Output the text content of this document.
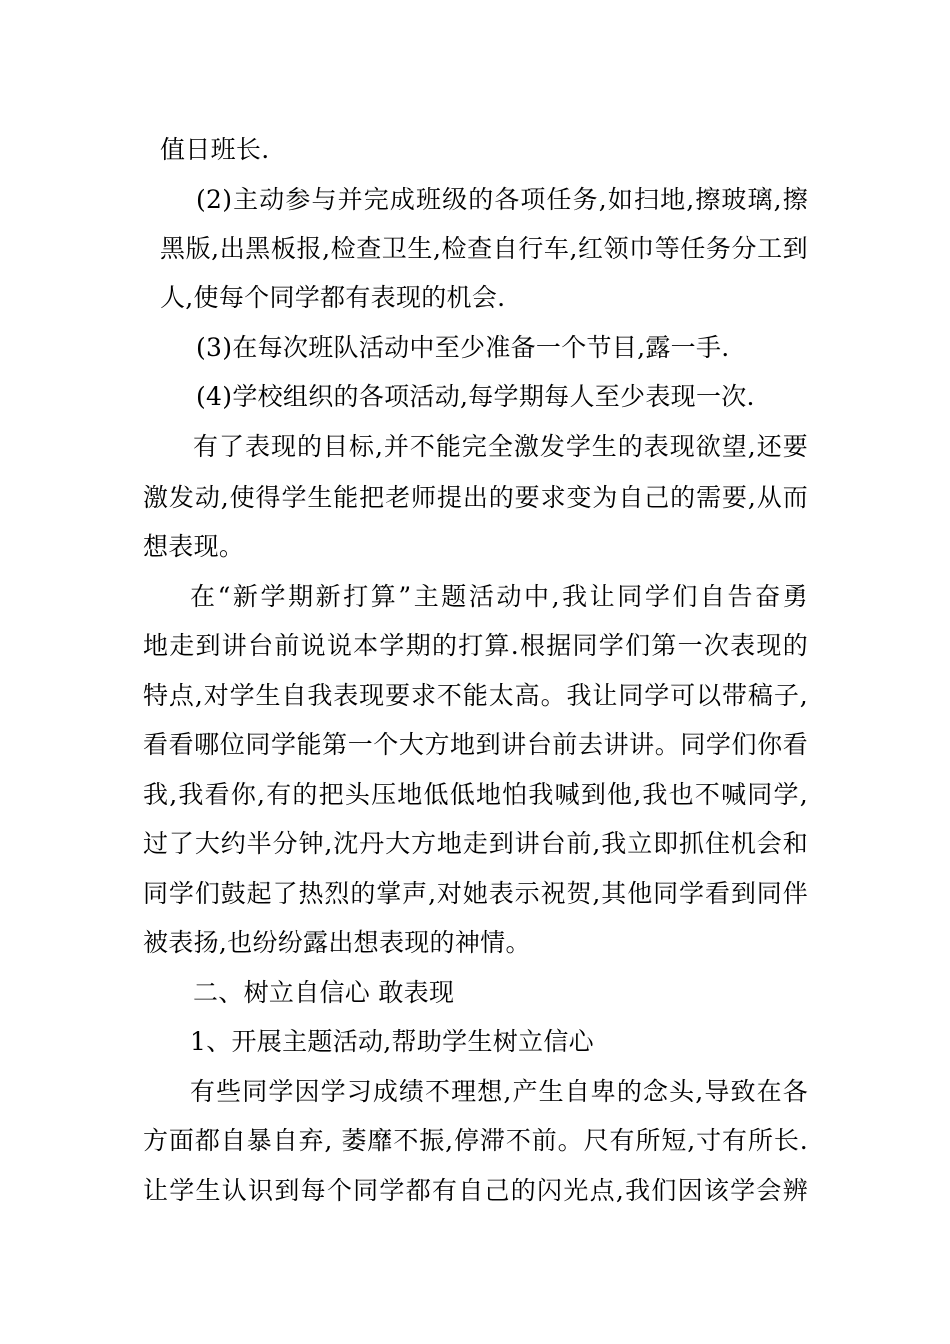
值日班长.
(2)主动参与并完成班级的各项任务,如扫地,擦玻璃,擦
黑版,出黑板报,检查卫生,检查自行车,红领巾等任务分工到
人,使每个同学都有表现的机会.
(3)在每次班队活动中至少准备一个节目,露一手.
(4)学校组织的各项活动,每学期每人至少表现一次.
有了表现的目标,并不能完全激发学生的表现欲望,还要
激发动,使得学生能把老师提出的要求变为自己的需要,从而
想表现。
在“新学期新打算”主题活动中,我让同学们自告奋勇
地走到讲台前说说本学期的打算.根据同学们第一次表现的
特点,对学生自我表现要求不能太高。我让同学可以带稿子,
看看哪位同学能第一个大方地到讲台前去讲讲。同学们你看
我,我看你,有的把头压地低低地怕我喊到他,我也不喊同学,
过了大约半分钟,沈丹大方地走到讲台前,我立即抓住机会和
同学们鼓起了热烈的掌声,对她表示祝贺,其他同学看到同伴
被表扬,也纷纷露出想表现的神情。
二、树立自信心 敢表现
1、开展主题活动,帮助学生树立信心
有些同学因学习成绩不理想,产生自卑的念头,导致在各
方面都自暴自弃, 萎靡不振,停滞不前。尺有所短,寸有所长.
让学生认识到每个同学都有自己的闪光点,我们因该学会辨
